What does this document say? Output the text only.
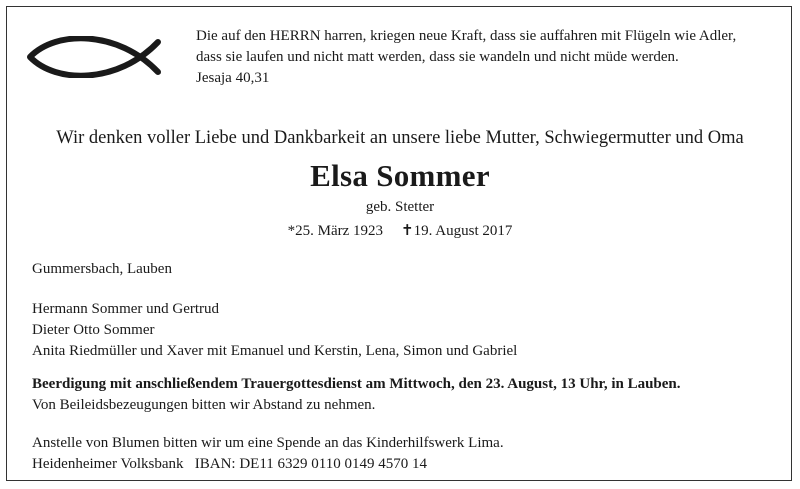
Die auf den HERRN harren, kriegen neue Kraft, dass sie auffahren mit Flügeln wie Adler,
dass sie laufen und nicht matt werden, dass sie wandeln und nicht müde werden.
Jesaja 40,31
Wir denken voller Liebe und Dankbarkeit an unsere liebe Mutter, Schwiegermutter und Oma
Elsa Sommer
geb. Stetter
*25. März 1923 ✝19. August 2017
Gummersbach, Lauben
Hermann Sommer und Gertrud
Dieter Otto Sommer
Anita Riedmüller und Xaver mit Emanuel und Kerstin, Lena, Simon und Gabriel
Beerdigung mit anschließendem Trauergottesdienst am Mittwoch, den 23. August, 13 Uhr, in Lauben.
Von Beileidsbezeugungen bitten wir Abstand zu nehmen.
Anstelle von Blumen bitten wir um eine Spende an das Kinderhilfswerk Lima.
Heidenheimer Volksbank IBAN: DE11 6329 0110 0149 4570 14
